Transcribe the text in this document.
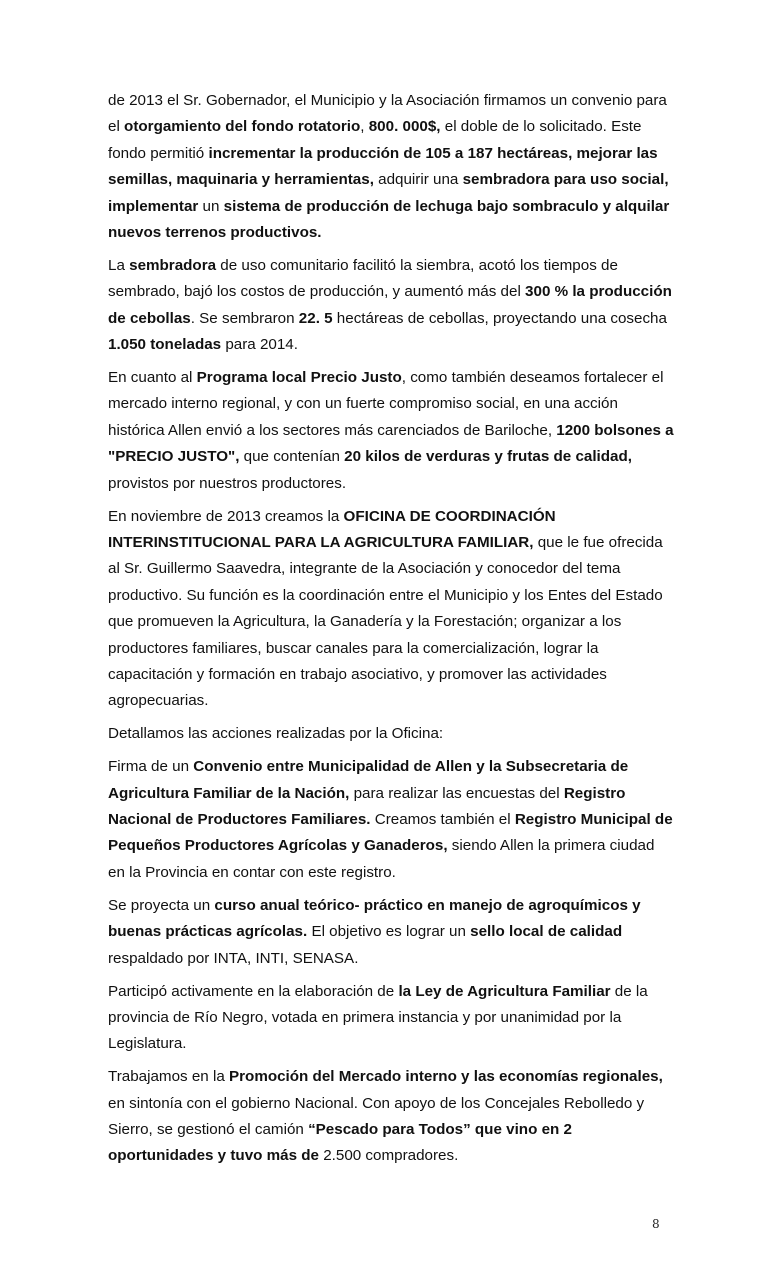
de 2013 el Sr. Gobernador, el Municipio y la Asociación firmamos un convenio para el otorgamiento del fondo rotatorio, 800. 000$, el doble de lo solicitado. Este fondo permitió incrementar la producción de 105 a 187 hectáreas, mejorar las semillas, maquinaria y herramientas, adquirir una sembradora para uso social, implementar un sistema de producción de lechuga bajo sombraculo y alquilar nuevos terrenos productivos.

La sembradora de uso comunitario facilitó la siembra, acotó los tiempos de sembrado, bajó los costos de producción, y aumentó más del 300 % la producción de cebollas. Se sembraron 22. 5 hectáreas de cebollas, proyectando una cosecha 1.050 toneladas para 2014.

En cuanto al Programa local Precio Justo, como también deseamos fortalecer el mercado interno regional, y con un fuerte compromiso social, en una acción histórica Allen envió a los sectores más carenciados de Bariloche, 1200 bolsones a "PRECIO JUSTO", que contenían 20 kilos de verduras y frutas de calidad, provistos por nuestros productores.

En noviembre de 2013 creamos la OFICINA DE COORDINACIÓN INTERINSTITUCIONAL PARA LA AGRICULTURA FAMILIAR, que le fue ofrecida al Sr. Guillermo Saavedra, integrante de la Asociación y conocedor del tema productivo. Su función es la coordinación entre el Municipio y los Entes del Estado que promueven la Agricultura, la Ganadería y la Forestación; organizar a los productores familiares, buscar canales para la comercialización, lograr la capacitación y formación en trabajo asociativo, y promover las actividades agropecuarias.

Detallamos las acciones realizadas por la Oficina:

Firma de un Convenio entre Municipalidad de Allen y la Subsecretaria de Agricultura Familiar de la Nación, para realizar las encuestas del Registro Nacional de Productores Familiares. Creamos también el Registro Municipal de Pequeños Productores Agrícolas y Ganaderos, siendo Allen la primera ciudad en la Provincia en contar con este registro.

Se proyecta un curso anual teórico- práctico en manejo de agroquímicos y buenas prácticas agrícolas. El objetivo es lograr un sello local de calidad respaldado por INTA, INTI, SENASA.

Participó activamente en la elaboración de la Ley de Agricultura Familiar de la provincia de Río Negro, votada en primera instancia y por unanimidad por la Legislatura.

Trabajamos en la Promoción del Mercado interno y las economías regionales, en sintonía con el gobierno Nacional. Con apoyo de los Concejales Rebolledo y Sierro, se gestionó el camión “Pescado para Todos” que vino en 2 oportunidades y tuvo más de 2.500 compradores.

8
